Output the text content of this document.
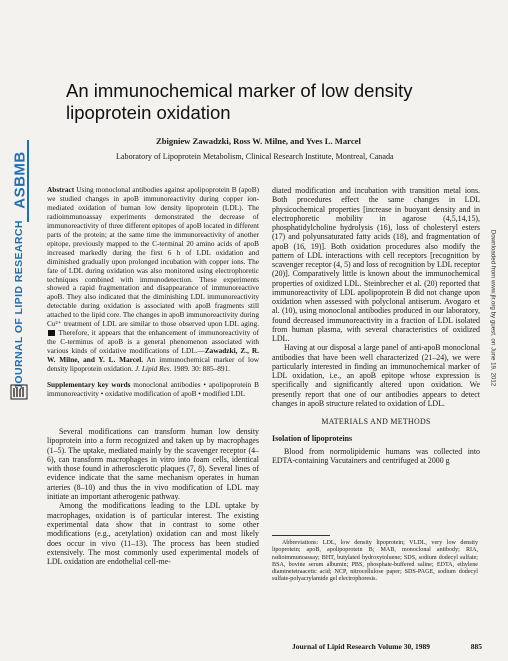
ASBMB
JOURNAL OF LIPID RESEARCH	Downloaded from www.jlr.org by guest, on June 19, 2012
An immunochemical marker of low density lipoprotein oxidation
Zbigniew Zawadzki, Ross W. Milne, and Yves L. Marcel
Laboratory of Lipoprotein Metabolism, Clinical Research Institute, Montreal, Canada

Abstract Using monoclonal antibodies against apolipoprotein B (apoB) we studied changes in apoB immunoreactivity during copper ion-mediated oxidation of human low density lipoprotein (LDL). The radioimmunoassay experiments demonstrated the decrease of immunoreactivity of three different epitopes of apoB located in different parts of the protein; at the same time the immunoreactivity of another epitope, previously mapped to the C-terminal 20 amino acids of apoB increased markedly during the first 6 h of LDL oxidation and diminished gradually upon prolonged incubation with copper ions. The fate of LDL during oxidation was also monitored using electrophoretic techniques combined with immunodetection. These experiments showed a rapid fragmentation and disappearance of immunoreactive apoB. They also indicated that the diminishing LDL immunoreactivity detectable during oxidation is associated with apoB fragments still attached to the lipid core. The changes in apoB immunoreactivity during Cu²⁺ treatment of LDL are similar to those observed upon LDL aging. Therefore, it appears that the enhancement of immunoreactivity of the C-terminus of apoB is a general phenomenon associated with various kinds of oxidative modifications of LDL.—Zawadzki, Z., R. W. Milne, and Y. L. Marcel. An immunochemical marker of low density lipoprotein oxidation. J. Lipid Res. 1989. 30: 885–891.

Supplementary key words monoclonal antibodies • apolipoprotein B immunoreactivity • oxidative modification of apoB • modified LDL

Several modifications can transform human low density lipoprotein into a form recognized and taken up by macrophages (1–5). The uptake, mediated mainly by the scavenger receptor (4–6), can transform macrophages in vitro into foam cells, identical with those found in atherosclerotic plaques (7, 8). Several lines of evidence indicate that the same mechanism operates in human arteries (8–10) and thus the in vivo modification of LDL may initiate an important atherogenic pathway.

Among the modifications leading to the LDL uptake by macrophages, oxidation is of particular interest. The existing experimental data show that in contrast to some other modifications (e.g., acetylation) oxidation can and most likely does occur in vivo (11–13). The process has been studied extensively. The most commonly used experimental models of LDL oxidation are endothelial cell-me-

diated modification and incubation with transition metal ions. Both procedures effect the same changes in LDL physicochemical properties [increase in buoyant density and in electrophoretic mobility in agarose (4,5,14,15), phosphatidylcholine hydrolysis (16), loss of cholesteryl esters (17) and polyunsaturated fatty acids (18), and fragmentation of apoB (16, 19)]. Both oxidation procedures also modify the pattern of LDL interactions with cell receptors [recognition by scavenger receptor (4, 5) and loss of recognition by LDL receptor (20)]. Comparatively little is known about the immunochemical properties of oxidized LDL. Steinbrecher et al. (20) reported that immunoreactivity of LDL apolipoprotein B did not change upon oxidation when assessed with polyclonal antiserum. Avogaro et al. (10), using monoclonal antibodies produced in our laboratory, found decreased immunoreactivity in a fraction of LDL isolated from human plasma, with several characteristics of oxidized LDL.

Having at our disposal a large panel of anti-apoB monoclonal antibodies that have been well characterized (21–24), we were particularly interested in finding an immunochemical marker of LDL oxidation, i.e., an apoB epitope whose expression is specifically and significantly altered upon oxidation. We presently report that one of our antibodies appears to detect changes in apoB structure related to oxidation of LDL.

MATERIALS AND METHODS

Isolation of lipoproteins

Blood from normolipidemic humans was collected into EDTA-containing Vacutainers and centrifuged at 2000 g

Abbreviations: LDL, low density lipoprotein; VLDL, very low density lipoprotein; apoB, apolipoprotein B; MAB, monoclonal antibody; RIA, radioimmunoassay; BHT, butylated hydroxytoluene; SDS, sodium dodecyl sulfate; BSA, bovine serum albumin; PBS, phosphate-buffered saline; EDTA, ethylene diaminetetraacetic acid; NCP, nitrocellulose paper; SDS-PAGE, sodium dodecyl sulfate-polyacrylamide gel electrophoresis.

Journal of Lipid Research Volume 30, 1989	885
